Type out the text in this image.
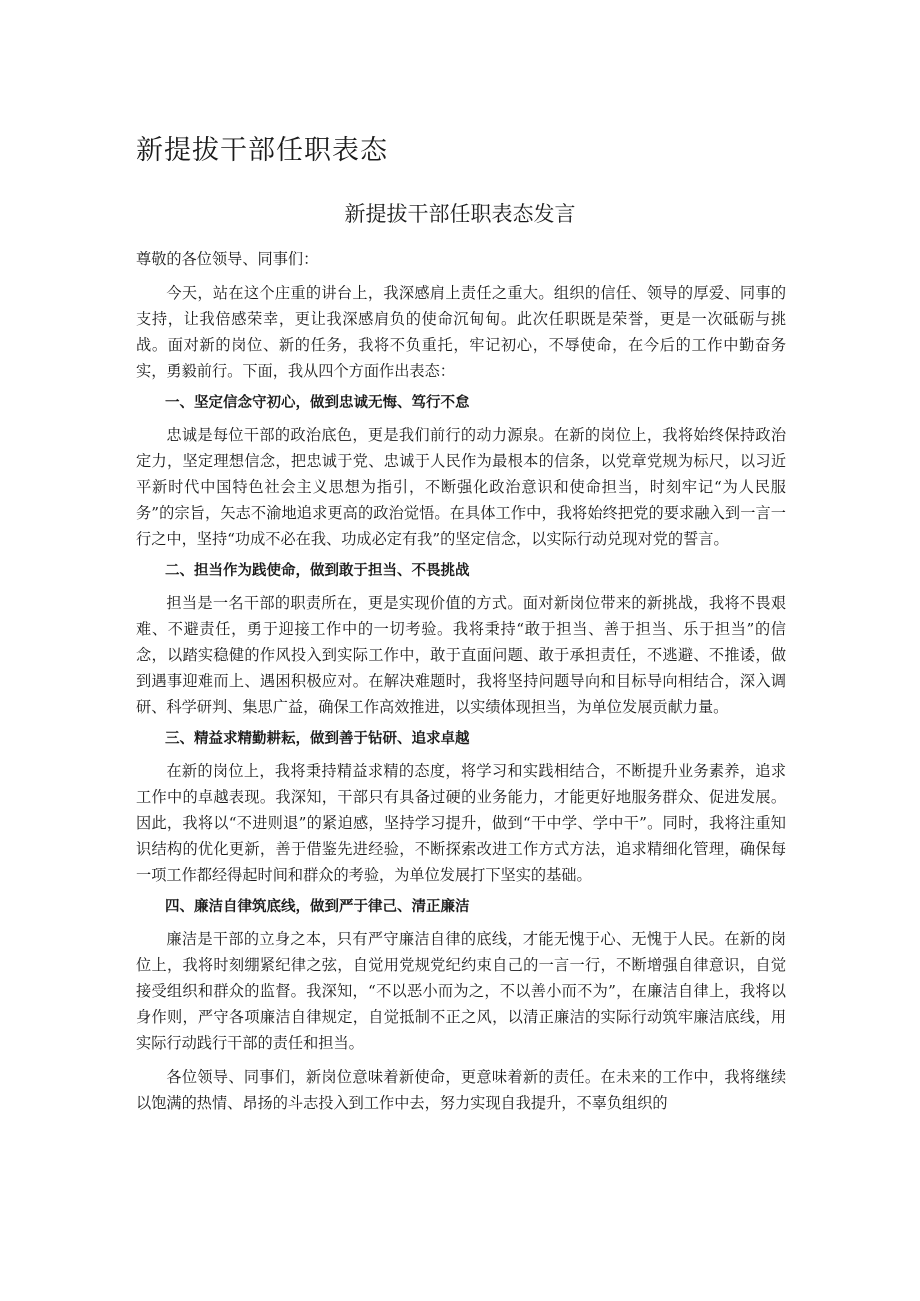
新提拔干部任职表态
新提拔干部任职表态发言

尊敬的各位领导、同事们：

今天，站在这个庄重的讲台上，我深感肩上责任之重大。组织的信任、领导的厚爱、同事的支持，让我倍感荣幸，更让我深感肩负的使命沉甸甸。此次任职既是荣誉，更是一次砥砺与挑战。面对新的岗位、新的任务，我将不负重托，牢记初心，不辱使命，在今后的工作中勤奋务实，勇毅前行。下面，我从四个方面作出表态：

一、坚定信念守初心，做到忠诚无悔、笃行不怠

忠诚是每位干部的政治底色，更是我们前行的动力源泉。在新的岗位上，我将始终保持政治定力，坚定理想信念，把忠诚于党、忠诚于人民作为最根本的信条，以党章党规为标尺，以习近平新时代中国特色社会主义思想为指引，不断强化政治意识和使命担当，时刻牢记“为人民服务”的宗旨，矢志不渝地追求更高的政治觉悟。在具体工作中，我将始终把党的要求融入到一言一行之中，坚持“功成不必在我、功成必定有我”的坚定信念，以实际行动兑现对党的誓言。

二、担当作为践使命，做到敢于担当、不畏挑战

担当是一名干部的职责所在，更是实现价值的方式。面对新岗位带来的新挑战，我将不畏艰难、不避责任，勇于迎接工作中的一切考验。我将秉持“敢于担当、善于担当、乐于担当”的信念，以踏实稳健的作风投入到实际工作中，敢于直面问题、敢于承担责任，不逃避、不推诿，做到遇事迎难而上、遇困积极应对。在解决难题时，我将坚持问题导向和目标导向相结合，深入调研、科学研判、集思广益，确保工作高效推进，以实绩体现担当，为单位发展贡献力量。

三、精益求精勤耕耘，做到善于钻研、追求卓越

在新的岗位上，我将秉持精益求精的态度，将学习和实践相结合，不断提升业务素养，追求工作中的卓越表现。我深知，干部只有具备过硬的业务能力，才能更好地服务群众、促进发展。因此，我将以“不进则退”的紧迫感，坚持学习提升，做到“干中学、学中干”。同时，我将注重知识结构的优化更新，善于借鉴先进经验，不断探索改进工作方式方法，追求精细化管理，确保每一项工作都经得起时间和群众的考验，为单位发展打下坚实的基础。

四、廉洁自律筑底线，做到严于律己、清正廉洁

廉洁是干部的立身之本，只有严守廉洁自律的底线，才能无愧于心、无愧于人民。在新的岗位上，我将时刻绷紧纪律之弦，自觉用党规党纪约束自己的一言一行，不断增强自律意识，自觉接受组织和群众的监督。我深知，“不以恶小而为之，不以善小而不为”，在廉洁自律上，我将以身作则，严守各项廉洁自律规定，自觉抵制不正之风，以清正廉洁的实际行动筑牢廉洁底线，用实际行动践行干部的责任和担当。

各位领导、同事们，新岗位意味着新使命，更意味着新的责任。在未来的工作中，我将继续以饱满的热情、昂扬的斗志投入到工作中去，努力实现自我提升，不辜负组织的
